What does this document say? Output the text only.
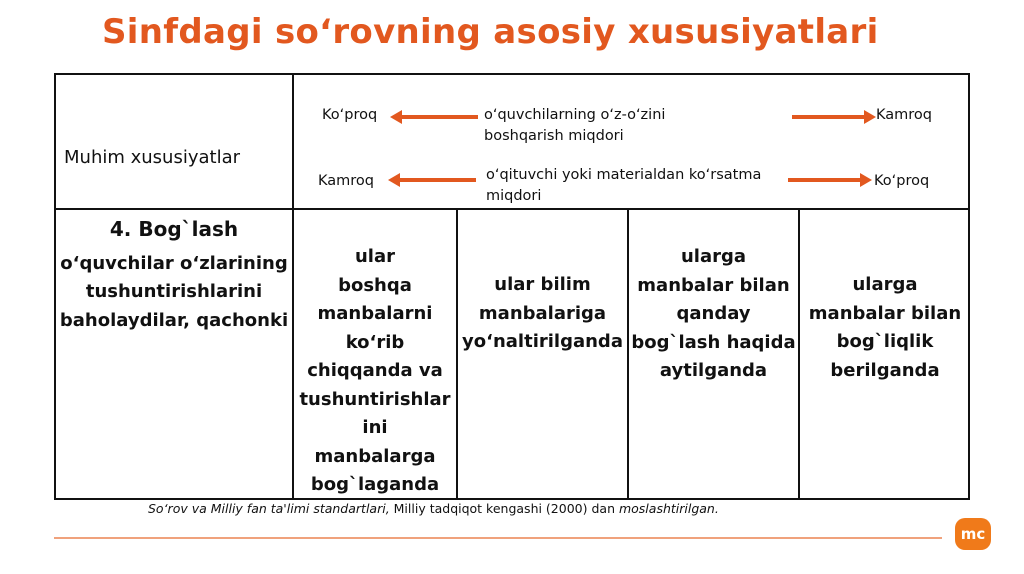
Sinfdagi so‘rovning asosiy xususiyatlari
Muhim xususiyatlar
Ko‘proq	o‘quvchilarning o‘z-o‘zini
boshqarish miqdori
Kamroq
Kamroq	o‘qituvchi yoki materialdan ko‘rsatma
miqdori
Ko‘proq
4. Bog`lash
o‘quvchilar o‘zlarining
tushuntirishlarini
baholaydilar, qachonki
ular
boshqa
manbalarni
ko‘rib
chiqqanda va
tushuntirishlar
ini
manbalarga
bog`laganda
ular bilim
manbalariga
yo‘naltirilganda
ularga
manbalar bilan
qanday
bog`lash haqida
aytilganda
ularga
manbalar bilan
bog`liqlik
berilganda
So‘rov va Milliy fan ta'limi standartlari, Milliy tadqiqot kengashi (2000) dan moslashtirilgan.
mc
